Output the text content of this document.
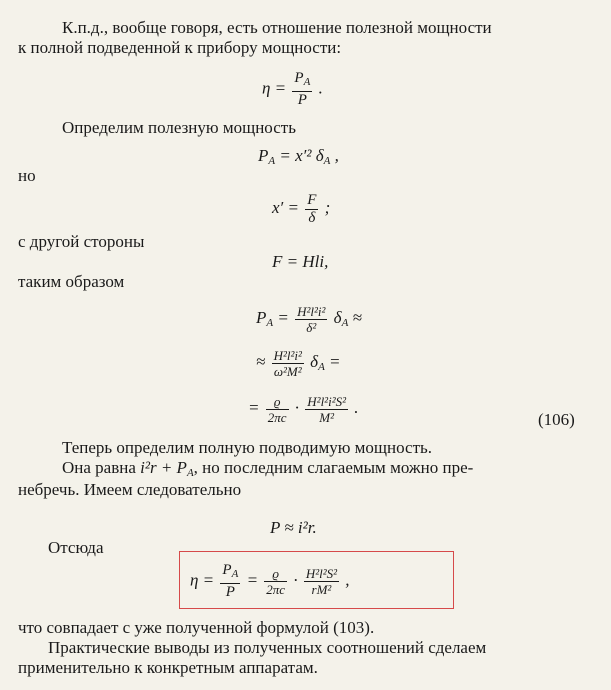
К.п.д., вообще говоря, есть отношение полезной мощности
к полной подведенной к прибору мощности:
$\eta = \frac{P_A}{P}$ .
Определим полезную мощность
$P_A = x'^2$ $\delta_A$ ,
но
$x' = \frac{F}{\delta}$ ;
с другой стороны
F = Hli,
таким образом
$P_A = \frac{\text{H²l²i²}}{\text{δ²}} \delta_A$ ≈
≈ $\frac{\text{H²l²i²}}{\text{ω²M²}} \delta_A$ =
= $\frac{ϱ}{2\pi c} \cdot \frac{\text{H²l²i²S²}}{\text{M²}}$ .
(106)
Теперь определим полную подводимую мощность.
Она равна $i^2r + P_A$, но последним слагаемым можно пре-
небречь. Имеем следовательно
P ≈ i²r.
Отсюда
$\eta = \frac{P_A}{P} = \frac{ϱ}{2\pi c} \cdot \frac{\text{H²l²S²}}{\text{rM²}}$ ,
что совпадает с уже полученной формулой (103).
Практические выводы из полученных соотношений сделаем
применительно к конкретным аппаратам.
